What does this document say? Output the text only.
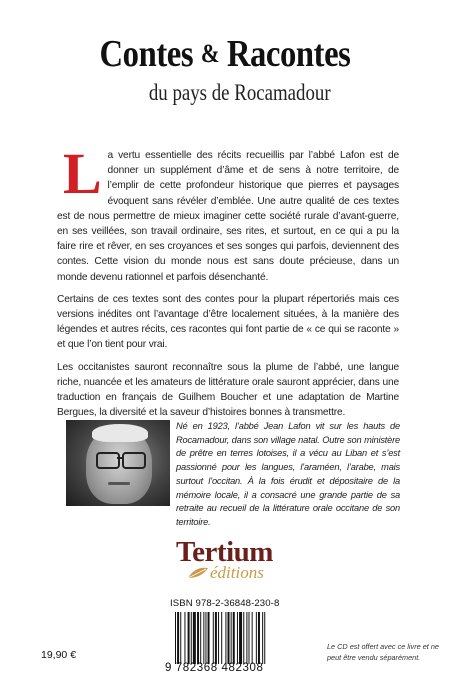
Contes & Racontes
du pays de Rocamadour

L a vertu essentielle des récits recueillis par l’abbé Lafon est de donner un supplément d’âme et de sens à notre territoire, de l’emplir de cette profondeur historique que pierres et paysages évoquent sans révéler d’emblée. Une autre qualité de ces textes est de nous permettre de mieux imaginer cette société rurale d’avant-guerre, en ses veillées, son travail ordinaire, ses rites, et surtout, en ce qui a pu la faire rire et rêver, en ses croyances et ses songes qui parfois, deviennent des contes. Cette vision du monde nous est sans doute précieuse, dans un monde devenu rationnel et parfois désenchanté.

Certains de ces textes sont des contes pour la plupart répertoriés mais ces versions inédites ont l’avantage d’être localement situées, à la manière des légendes et autres récits, ces racontes qui font partie de « ce qui se raconte » et que l’on tient pour vrai.

Les occitanistes sauront reconnaître sous la plume de l’abbé, une langue riche, nuancée et les amateurs de littérature orale sauront apprécier, dans une traduction en français de Guilhem Boucher et une adaptation de Martine Bergues, la diversité et la saveur d’histoires bonnes à transmettre.

Né en 1923, l’abbé Jean Lafon vit sur les hauts de Rocamadour, dans son village natal. Outre son ministère de prêtre en terres lotoises, il a vécu au Liban et s’est passionné pour les langues, l’araméen, l’arabe, mais surtout l’occitan. À la fois érudit et dépositaire de la mémoire locale, il a consacré une grande partie de sa retraite au recueil de la littérature orale occitane de son territoire.
Tertium
éditions
ISBN 978-2-36848-230-8
9 782368 482308
19,90 €
Le CD est offert avec ce livre et ne peut être vendu séparément.
